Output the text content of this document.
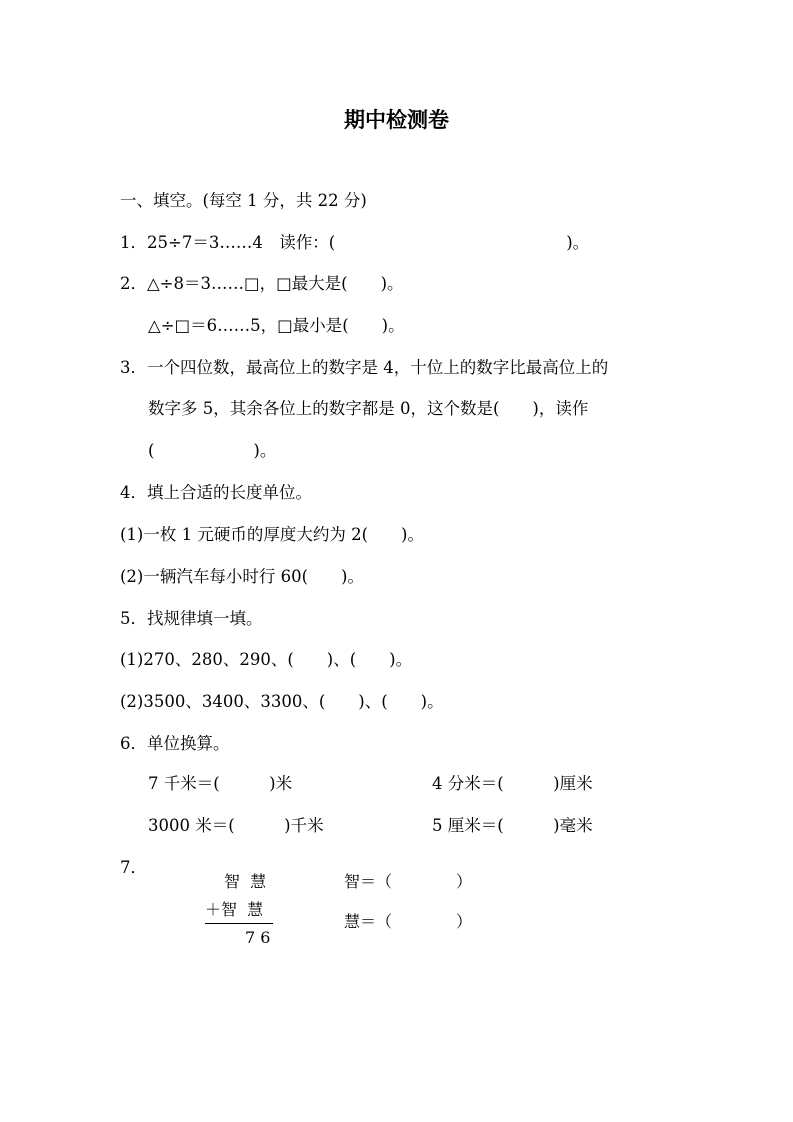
期中检测卷
一、填空。(每空 1 分，共 22 分)
1．25÷7＝3……4　读作：(　　　　　　　　　　　　　　)。
2．△÷8＝3……□，□最大是(　　)。
△÷□＝6……5，□最小是(　　)。
3．一个四位数，最高位上的数字是 4，十位上的数字比最高位上的
数字多 5，其余各位上的数字都是 0，这个数是(　　)，读作
(　　　　　　)。
4．填上合适的长度单位。
(1)一枚 1 元硬币的厚度大约为 2(　　)。
(2)一辆汽车每小时行 60(　　)。
5．找规律填一填。
(1)270、280、290、(　　)、(　　)。
(2)3500、3400、3300、(　　)、(　　)。
6．单位换算。
7 千米＝(　　　)米	4 分米＝(　　　)厘米
3000 米＝(　　　)千米	5 厘米＝(　　　)毫米
7．
智  慧
＋智  慧
7 6
智＝（　　　　）
慧＝（　　　　）
